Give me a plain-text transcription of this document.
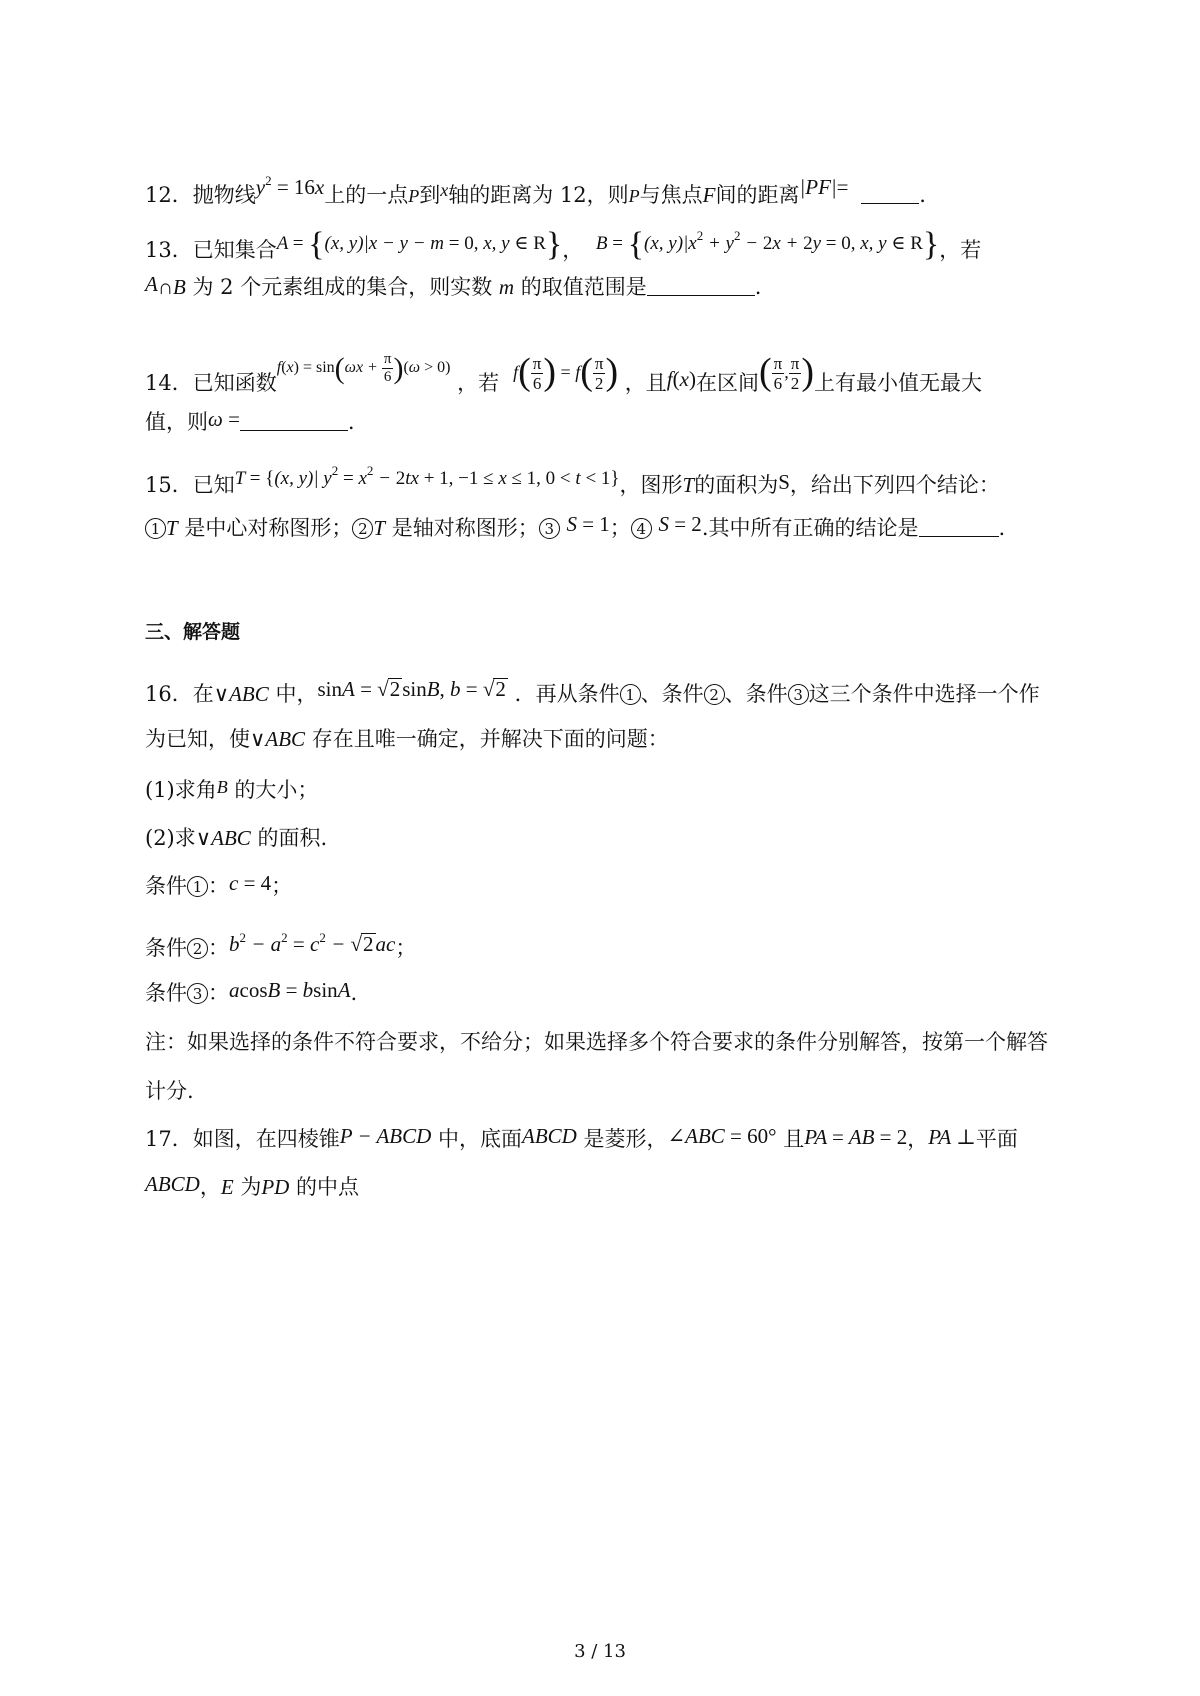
12．抛物线$y^2 = 16x$上的一点P到x轴的距离为 12，则P与焦点F间的距离|PF|=	.
13．已知集合A = {(x, y)|x − y − m = 0, x, y ∈ R}， B = {(x, $y)|x^2 + y^2 - 2x + 2y = 0$, x, y ∈ R}，若
A∩B 为 2 个元素组成的集合，则实数 m 的取值范围是	.
14．已知函数$^{f(x) = sin(\omega x + \frac{\pi}{6} )(\omega > 0)}$ ，若 $f( \frac{\pi}{6}$ ) = $f( \frac{\pi}{2}$ ) ，且f(x)在区间( $\frac{\pi}{6}$ , $\frac{\pi}{2}$ )上有最小值无最大
值，则ω =	.
15．已知T = {(x, y)| $y^2 = x^2 - 2tx + 1$, −1 ≤ x ≤ 1, 0 < t < 1}，图形T的面积为S，给出下列四个结论：
1 T 是中心对称图形； 2 T 是轴对称图形； 3 S = 1； 4 S = 2.其中所有正确的结论是	.
三、解答题
16．在∨ABC 中，sinA = √2sinB, b = √2 ．再从条件 1 、条件 2 、条件 3 这三个条件中选择一个作
为已知，使∨ABC 存在且唯一确定，并解决下面的问题：
(1)求角B 的大小；
(2)求∨ABC 的面积.
条件 1 ：c = 4；
条件 2 ：$b^2 - a^2 = c^2 - √2ac$；
条件 3 ：acosB = bsinA.
注：如果选择的条件不符合要求，不给分；如果选择多个符合要求的条件分别解答，按第一个解答
计分.
17．如图，在四棱锥P − ABCD 中，底面ABCD 是菱形，∠ABC = 60° 且PA = AB = 2，PA ⊥平面
ABCD，E 为PD 的中点
3 / 13
